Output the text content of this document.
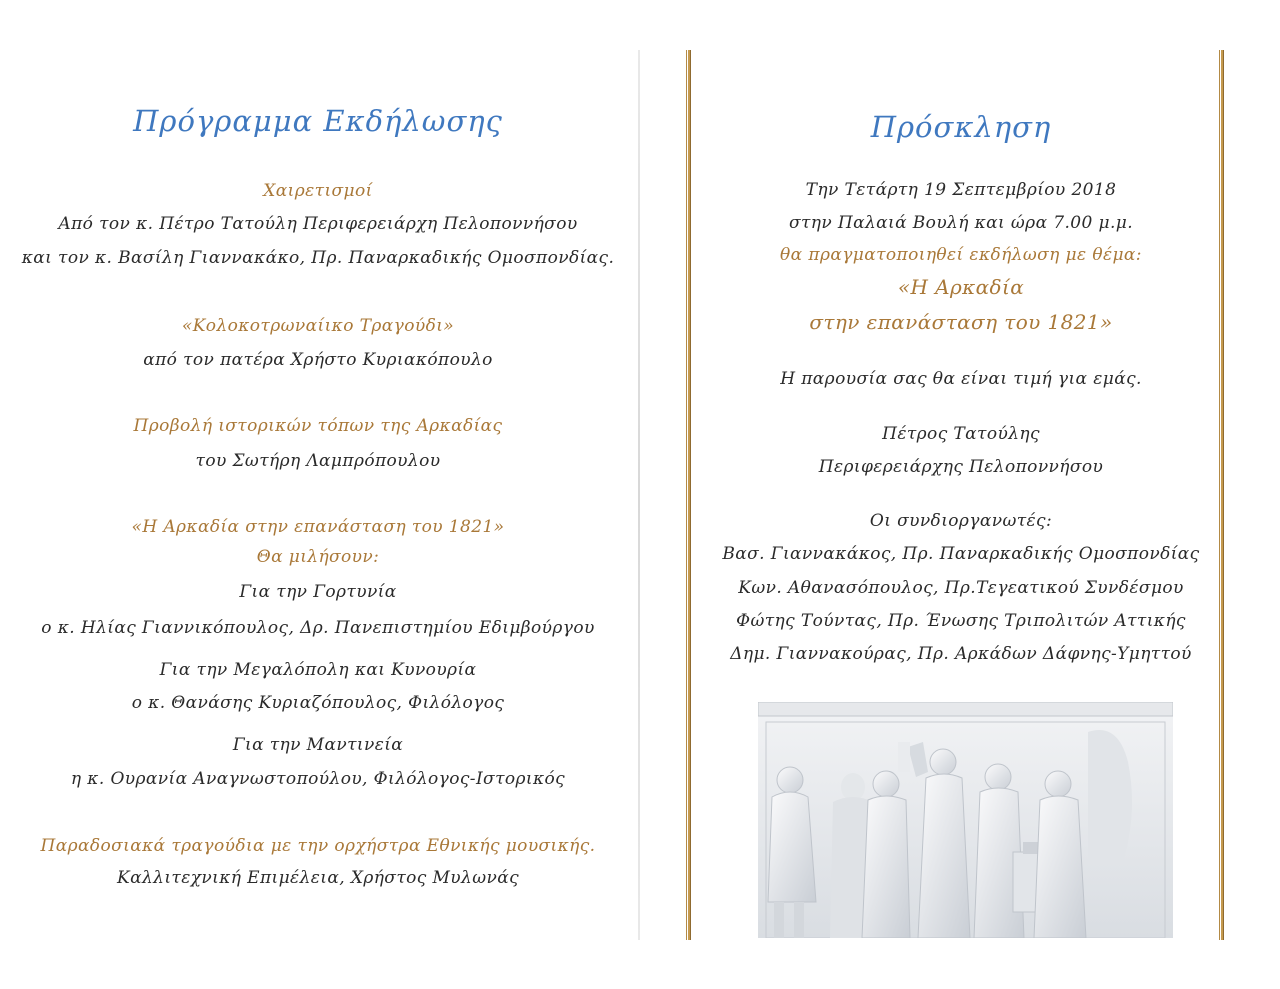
Πρόγραμμα Εκδήλωσης
Χαιρετισμοί
Από τον κ. Πέτρο Τατούλη Περιφερειάρχη Πελοποννήσου
και τον κ. Βασίλη Γιαννακάκο, Πρ. Παναρκαδικής Ομοσπονδίας.
«Κολοκοτρωναίικο Τραγούδι»
από τον πατέρα Χρήστο Κυριακόπουλο
Προβολή ιστορικών τόπων της Αρκαδίας
του Σωτήρη Λαμπρόπουλου
«Η Αρκαδία στην επανάσταση του 1821»
Θα μιλήσουν:
Για την Γορτυνία
ο κ. Ηλίας Γιαννικόπουλος, Δρ. Πανεπιστημίου Εδιμβούργου
Για την Μεγαλόπολη και Κυνουρία
ο κ. Θανάσης Κυριαζόπουλος, Φιλόλογος
Για την Μαντινεία
η κ. Ουρανία Αναγνωστοπούλου, Φιλόλογος-Ιστορικός
Παραδοσιακά τραγούδια με την ορχήστρα Εθνικής μουσικής.
Καλλιτεχνική Επιμέλεια, Χρήστος Μυλωνάς
Πρόσκληση
Την Τετάρτη 19 Σεπτεμβρίου 2018
στην Παλαιά Βουλή και ώρα 7.00 μ.μ.
θα πραγματοποιηθεί εκδήλωση με θέμα:
«Η Αρκαδία
στην επανάσταση του 1821»
Η παρουσία σας θα είναι τιμή για εμάς.
Πέτρος Τατούλης
Περιφερειάρχης Πελοποννήσου
Οι συνδιοργανωτές:
Βασ. Γιαννακάκος, Πρ. Παναρκαδικής Ομοσπονδίας
Κων. Αθανασόπουλος, Πρ.Τεγεατικού Συνδέσμου
Φώτης Τούντας, Πρ. Ένωσης Τριπολιτών Αττικής
Δημ. Γιαννακούρας, Πρ. Αρκάδων Δάφνης-Υμηττού
